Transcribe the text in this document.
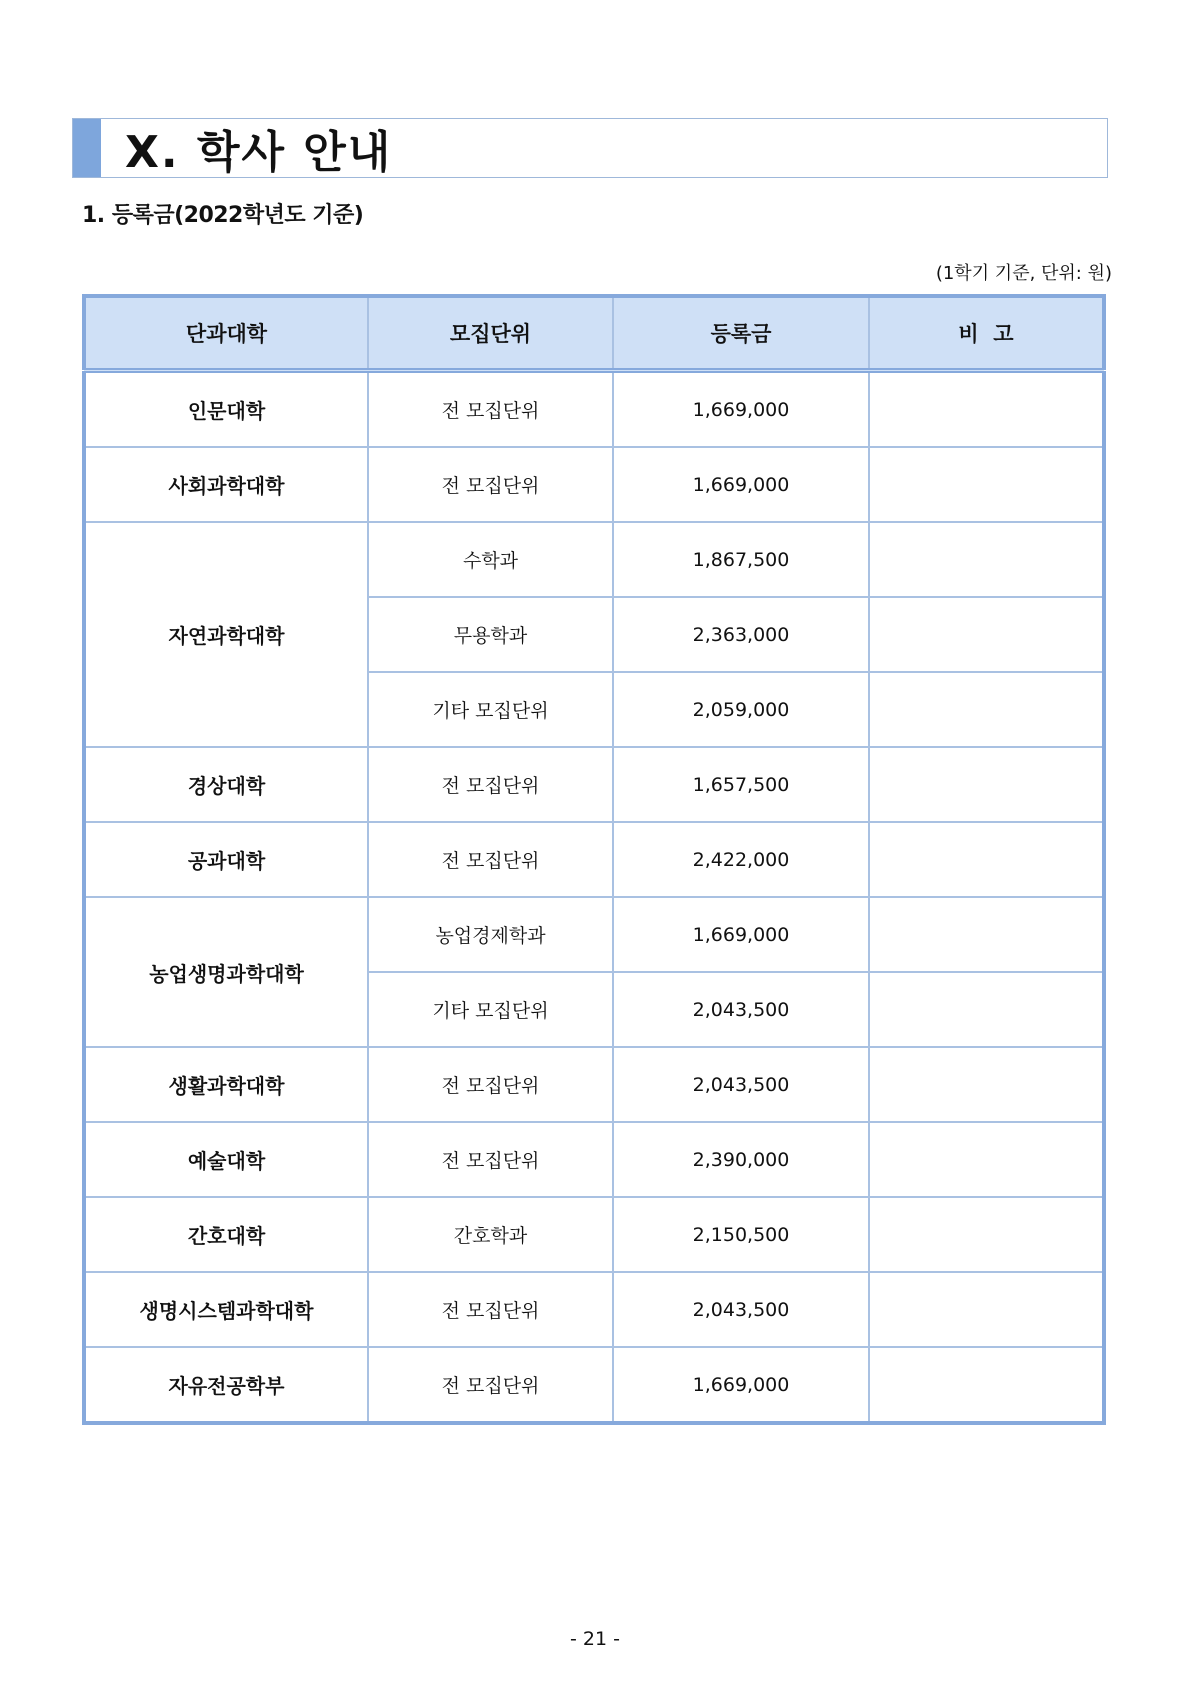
Ⅹ. 학사 안내
1. 등록금(2022학년도 기준)
(1학기 기준, 단위: 원)
단과대학	모집단위	등록금	비  고
인문대학	전 모집단위	1,669,000	
사회과학대학	전 모집단위	1,669,000	
자연과학대학	수학과	1,867,500	
	무용학과	2,363,000	
	기타 모집단위	2,059,000	
경상대학	전 모집단위	1,657,500	
공과대학	전 모집단위	2,422,000	
농업생명과학대학	농업경제학과	1,669,000	
	기타 모집단위	2,043,500	
생활과학대학	전 모집단위	2,043,500	
예술대학	전 모집단위	2,390,000	
간호대학	간호학과	2,150,500	
생명시스템과학대학	전 모집단위	2,043,500	
자유전공학부	전 모집단위	1,669,000	
- 21 -
